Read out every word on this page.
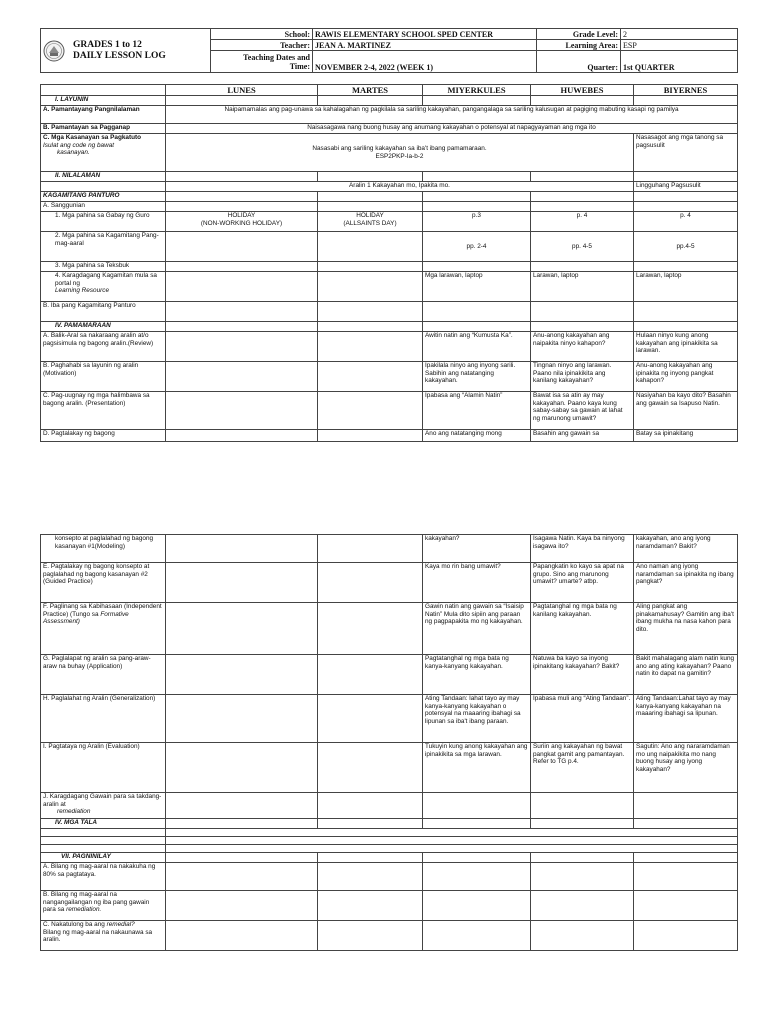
GRADES 1 to 12
DAILY LESSON LOG	School:	RAWIS ELEMENTARY SCHOOL SPED CENTER	Grade Level:	2
	Teacher:	JEAN A. MARTINEZ	Learning Area:	ESP
	Teaching Dates and
Time:	NOVEMBER 2-4, 2022 (WEEK 1)	Quarter:	1st QUARTER
	LUNES	MARTES	MIYERKULES	HUWEBES	BIYERNES
I. LAYUNIN					
A. Pamantayang Pangnilalaman	Naipamamalas ang pag-unawa sa kahalagahan ng pagkilala sa sariling kakayahan, pangangalaga sa sariling kalusugan at pagiging mabuting kasapi ng pamilya				
B. Pamantayan sa Pagganap	Naisasagawa nang buong husay ang anumang kakayahan o potensyal at napagyayaman ang mga ito				
C. Mga Kasanayan sa Pagkatuto
Isulat ang code ng bawat
kasanayan.	Nasasabi ang sariling kakayahan sa iba't ibang pamamaraan.
ESP2PKP-Ia-b-2				Nasasagot ang mga tanong sa pagsusulit
II. NILALAMAN					
	Aralin 1 Kakayahan mo, Ipakita mo.				Lingguhang Pagsusulit
KAGAMITANG PANTURO					
A. Sanggunian					
1. Mga pahina sa Gabay ng Guro	HOLIDAY
(NON-WORKING HOLIDAY)	HOLIDAY
(ALLSAINTS DAY)	p.3	p. 4	p. 4
2. Mga pahina sa Kagamitang Pang-mag-aaral			pp. 2-4	pp. 4-5	pp.4-5
3. Mga pahina sa Teksbuk					
4. Karagdagang Kagamitan mula sa portal ng
Learning Resource			Mga larawan, laptop	Larawan, laptop	Larawan, laptop
B. Iba pang Kagamitang Panturo					
IV. PAMAMARAAN					
A. Balik-Aral sa nakaraang aralin at/o pagsisimula ng bagong aralin.(Review)			Awitin natin ang “Kumusta Ka”.	Anu-anong kakayahan ang naipakita ninyo kahapon?	Hulaan ninyo kung anong kakayahan ang ipinakikita sa larawan.
B. Paghahabi sa layunin ng aralin (Motivation)			Ipakilala ninyo ang inyong sarili. Sabihin ang natatanging kakayahan.	Tingnan ninyo ang larawan. Paano nila ipinakikita ang kanilang kakayahan?	Anu-anong kakayahan ang ipinakita ng inyong pangkat kahapon?
C. Pag-uugnay ng mga halimbawa sa bagong aralin. (Presentation)			Ipabasa ang “Alamin Natin”	Bawat isa sa atin ay may kakayahan. Paano kaya kung sabay-sabay sa gawain at lahat ng marunong umawit?	Nasiyahan ba kayo dito? Basahin ang gawain sa Isapuso Natin.
D. Pagtalakay ng bagong			Ano ang natatanging mong	Basahin ang gawain sa	Batay sa ipinakitang
konsepto at paglalahad ng bagong kasanayan #1(Modeling)			kakayahan?	Isagawa Natin. Kaya ba ninyong isagawa ito?	kakayahan, ano ang iyong naramdaman? Bakit?
E. Pagtalakay ng bagong konsepto at paglalahad ng bagong kasanayan #2 (Guided Practice)			Kaya mo rin bang umawit?	Papangkatin ko kayo sa apat na grupo. Sino ang marunong umawit? umarte? atbp.	Ano naman ang iyong naramdaman sa ipinakita ng ibang pangkat?
F. Paglinang sa Kabihasaan (Independent Practice) (Tungo sa Formative Assessment)			Gawin natin ang gawain sa “Isaisip Natin” Mula dito sipiin ang paraan ng pagpapakita mo ng kakayahan.	Pagtatanghal ng mga bata ng kanilang kakayahan.	Aling pangkat ang pinakamahusay? Gamitin ang iba't ibang mukha na nasa kahon para dito.
G. Paglalapat ng aralin sa pang-araw-araw na buhay (Application)			Pagtatanghal ng mga bata ng kanya-kanyang kakayahan.	Natuwa ba kayo sa inyong ipinakitang kakayahan? Bakit?	Bakit mahalagang alam natin kung ano ang ating kakayahan? Paano natin ito dapat na gamitin?
H. Paglalahat ng Aralin (Generalization)			Ating Tandaan: lahat tayo ay may kanya-kanyang kakayahan o potensyal na maaaring ibahagi sa lipunan sa iba't ibang paraan.	Ipabasa muli ang “Ating Tandaan”.	Ating Tandaan:Lahat tayo ay may kanya-kanyang kakayahan na maaaring ibahagi sa lipunan.
I. Pagtataya ng Aralin (Evaluation)			Tukuyin kung anong kakayahan ang ipinakikita sa mga larawan.	Suriin ang kakayahan ng bawat pangkat gamit ang pamantayan. Refer to TG p.4.	Sagutin: Ano ang nararamdaman mo ung naipakikita mo nang buong husay ang iyong kakayahan?
J. Karagdagang Gawain para sa takdang-aralin at
remediation					
IV. MGA TALA					

VII. PAGNINILAY					
A. Bilang ng mag-aaral na nakakuha ng 80% sa pagtataya.					
B. Bilang ng mag-aaral na nangangailangan ng iba pang gawain para sa remediation.					
C. Nakatulong ba ang remedial?
Bilang ng mag-aaral na nakaunawa sa aralin.					
